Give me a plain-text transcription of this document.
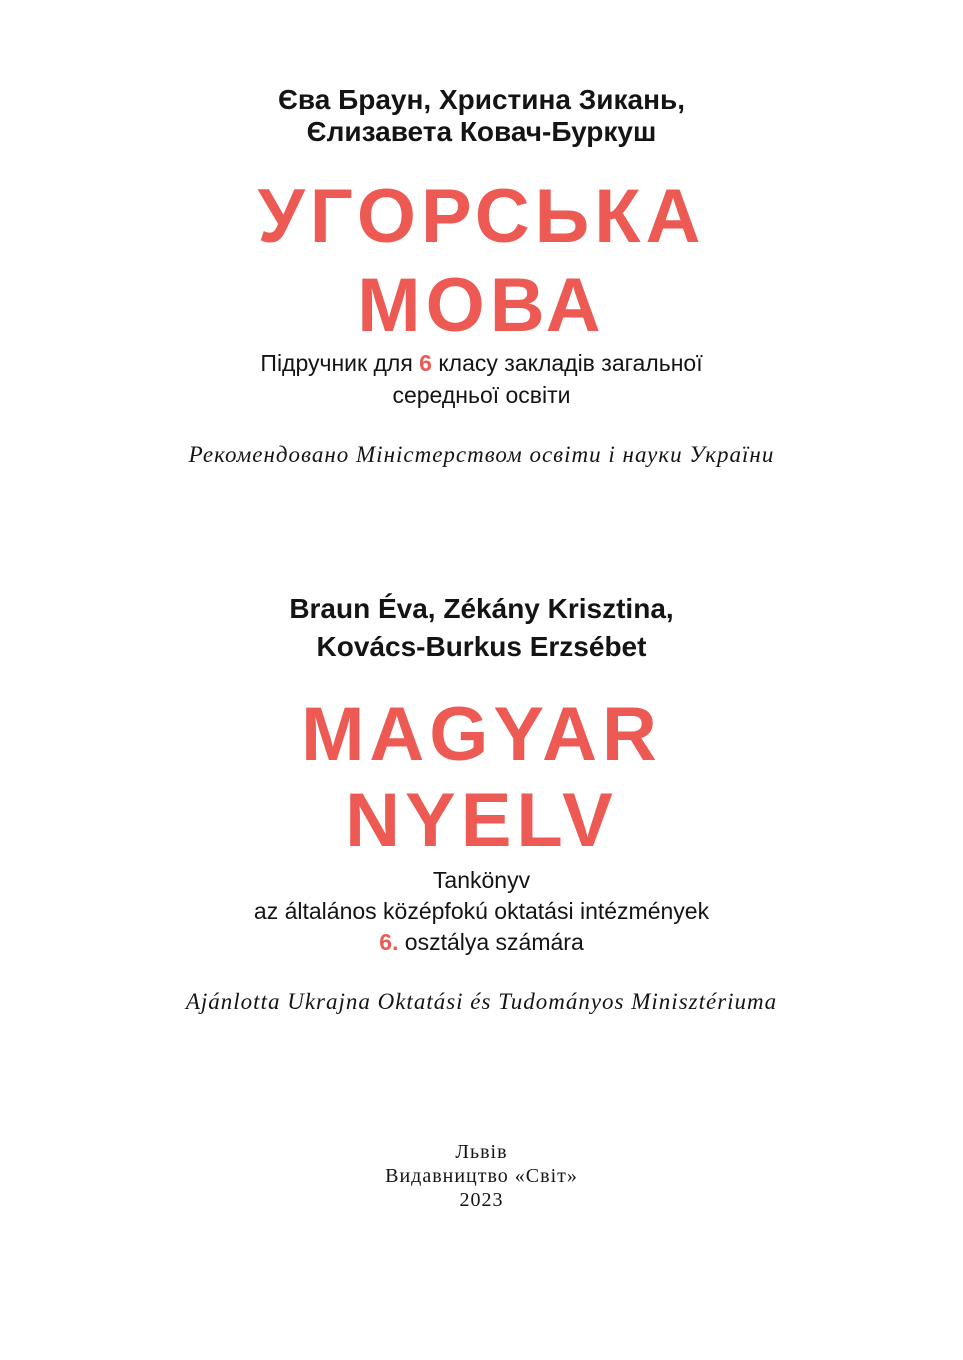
Єва Браун, Христина Зикань,

Єлизавета Ковач-Буркуш

УГОРСЬКА
МОВА

Підручник для 6 класу закладів загальної

середньої освіти

Рекомендовано Міністерством освіти і науки України

Braun Éva, Zékány Krisztina,

Kovács-Burkus Erzsébet

MAGYAR
NYELV

Tankönyv

az általános középfokú oktatási intézmények

6. osztálya számára

Ajánlotta Ukrajna Oktatási és Tudományos Minisztériuma

Львів

Видавництво «Світ»

2023
